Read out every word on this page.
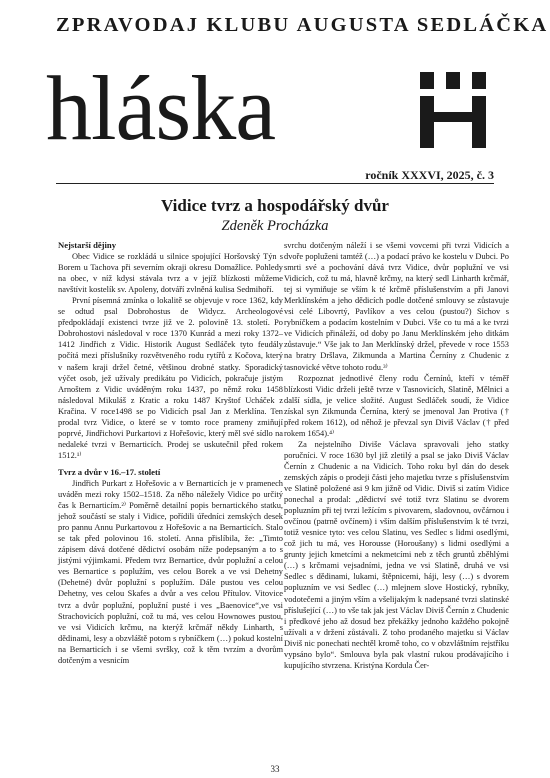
ZPRAVODAJ KLUBU AUGUSTA SEDLÁČKA
hláska
ročník XXXVI, 2025, č. 3
Vidice tvrz a hospodářský dvůr
Zdeněk Procházka
Nejstarší dějiny

Obec Vidice se rozkládá u silnice spojující Horšovský Týn s Borem u Tachova při severním okraji okresu Domažlice. Pohledy na obec, v níž kdysi stávala tvrz a v jejíž blízkosti můžeme navštívit kostelík sv. Apoleny, dotváří zvlněná kulisa Sedmihoří.

První písemná zmínka o lokalitě se objevuje v roce 1362, kdy se odtud psal Dobrohostus de Widycz. Archeologové předpokládají existenci tvrze již ve 2. polovině 13. století. Po Dobrohostovi následoval v roce 1370 Kunrád a mezi roky 1372–1412 Jindřich z Vidic. Historik August Sedláček tyto feudály počítá mezi příslušníky rozvětveného rodu rytířů z Kočova, který v našem kraji držel četné, většinou drobné statky. Sporadický výčet osob, jež užívaly predikátu po Vidicích, pokračuje jistým Arnoštem z Vidic uváděným roku 1437, po němž roku 1458 následoval Mikuláš z Kratic a roku 1487 Kryštof Ucháček z Kračina. V roce1498 se po Vidicích psal Jan z Merklína. Ten prodal tvrz Vidice, o které se v tomto roce prameny zmiňují poprvé, Jindřichovi Purkartovi z Hořešovic, který měl své sídlo na nedaleké tvrzi v Bernarticích. Prodej se uskutečnil před rokem 1512.¹⁾

Tvrz a dvůr v 16.–17. století

Jindřich Purkart z Hořešovic a v Bernarticích je v pramenech uváděn mezi roky 1502–1518. Za něho náležely Vidice po určitý čas k Bernarticím.²⁾ Poměrně detailní popis bernartického statku, jehož součástí se staly i Vidice, pořídili úředníci zemských desek pro pannu Annu Purkartovou z Hořešovic a na Bernarticích. Stalo se tak před polovinou 16. století. Anna přislíbila, že: „Timto zápisem dává dotčené dědictví osobám níže podepsaným a to s jistými výjimkami. Předem tvrz Bernartice, dvůr poplužní a celou ves Bernartice s poplužím, ves celou Borek a ve vsi Dehetny (Dehetné) dvůr poplužní s poplužím. Dále pustou ves celou Dehetny, ves celou Skafes a dvůr a ves celou Přítulov. Vitovice tvrz a dvůr poplužní, poplužní pusté i ves „Baenovice“,ve vsi Strachovicích poplužní, což tu má, ves celou Hownowes pustou, ve vsi Vidicích krčmu, na kterýž krčmář někdy Linharth, s dědinami, lesy a obzvláště potom s rybníčkem (…) pokud kostelní na Bernarticích i se všemi svršky, což k těm tvrzím a dvorům dotčeným a vesnicím

svrchu dotčeným náleží i se všemi vovcemi při tvrzi Vidicích a dvoře popluženi tamtéž (…) a podací právo ke kostelu v Dubci. Po smrti své a pochování dává tvrz Vidice, dvůr poplužní ve vsi Vidicích, což tu má, hlavně krčmy, na který sedl Linharth krčmář, tej si vymiňuje se vším k té krčmě příslušenstvím a při Janovi Merklínském a jeho dědicích podle dotčené smlouvy se zůstavuje vsi celé Libovrtý, Pavlíkov a ves celou (pustou?) Sichov s rybníčkem a podacím kostelním v Dubci. Vše co tu má a ke tvrzi ve Vidicích přináleží, od doby po Janu Merklínském jeho ditkám zůstavuje.“ Vše jak to Jan Merklínský držel, převede v roce 1553 na bratry Dršlava, Zikmunda a Martina Černíny z Chudenic z tasnovické větve tohoto rodu.³⁾

Rozpoznat jednotlivé členy rodu Černínů, kteří v téměř blízkosti Vidic drželi ještě tvrze v Tasnovicích, Slatině, Mělnici a další sídla, je velice složité. August Sedláček soudí, že Vidice získal syn Zikmunda Černína, který se jmenoval Jan Protiva († před rokem 1612), od něhož je převzal syn Diviš Václav († před rokem 1654).⁴⁾

Za nejstelního Diviše Václava spravovali jeho statky poručníci. V roce 1630 byl již zletilý a psal se jako Diviš Václav Černín z Chudenic a na Vidicích. Toho roku byl dán do desek zemských zápis o prodeji části jeho majetku tvrze s příslušenstvím ve Slatině položené asi 9 km jižně od Vidic. Diviš si zatím Vidice ponechal a prodal: „dědictví své totiž tvrz Slatinu se dvorem popluzním při tej tvrzi ležícím s pivovarem, sladovnou, ovčárnou i ovčínou (patrně ovčínem) i vším dalším příslušenstvím k té tvrzi, totiž vesnice tyto: ves celou Slatinu, ves Sedlec s lidmi osedlými, což jich tu má, ves Horousse (Horoušany) s lidmi osedlými a grunty jejich kmetcími a nekmetcími neb z těch gruntů zběhlými (…) s krčmami vejsadními, jedna ve vsi Slatině, druhá ve vsi Sedlec s dědinami, lukami, štěpnicemi, háji, lesy (…) s dvorem popluzním ve vsi Sedlec (…) mlejnem slove Hostický, rybníky, vodotečemi a jiným vším a všelijakým k nadepsané tvrzi slatinské příslušející (…) to vše tak jak jest Václav Diviš Černín z Chudenic i předkové jeho až dosud bez překážky jednoho každého pokojně užívali a v držení zůstávali. Z toho prodaného majetku si Václav Diviš nic ponechati nechtěl kromě toho, co v obzvláštním rejstříku vypsáno bylo“. Smlouva byla pak vlastní rukou prodávajícího i kupujícího stvrzena. Kristýna Kordula Čer-

33
